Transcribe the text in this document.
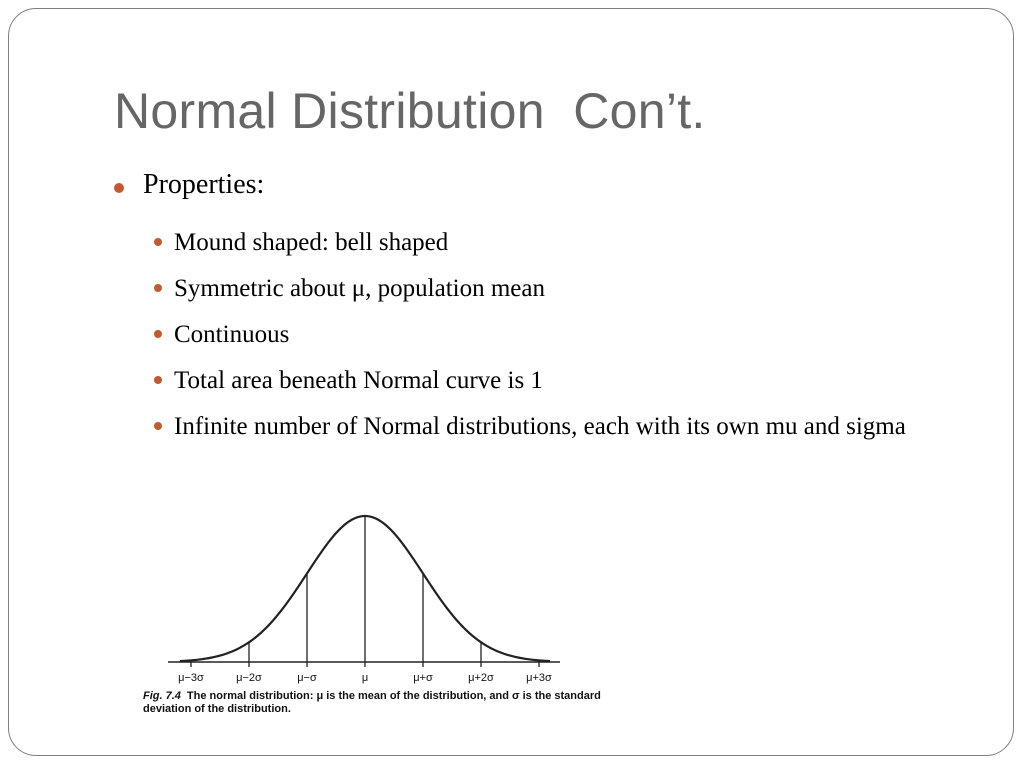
Normal Distribution  Con’t.
Properties:
Mound shaped: bell shaped
Symmetric about μ, population mean
Continuous
Total area beneath Normal curve is 1
Infinite number of Normal distributions, each with its own mu and sigma
μ−3σ	μ−2σ	μ−σ	μ	μ+σ	μ+2σ	μ+3σ
Fig. 7.4 The normal distribution: μ is the mean of the distribution, and σ is the standard deviation of the distribution.
